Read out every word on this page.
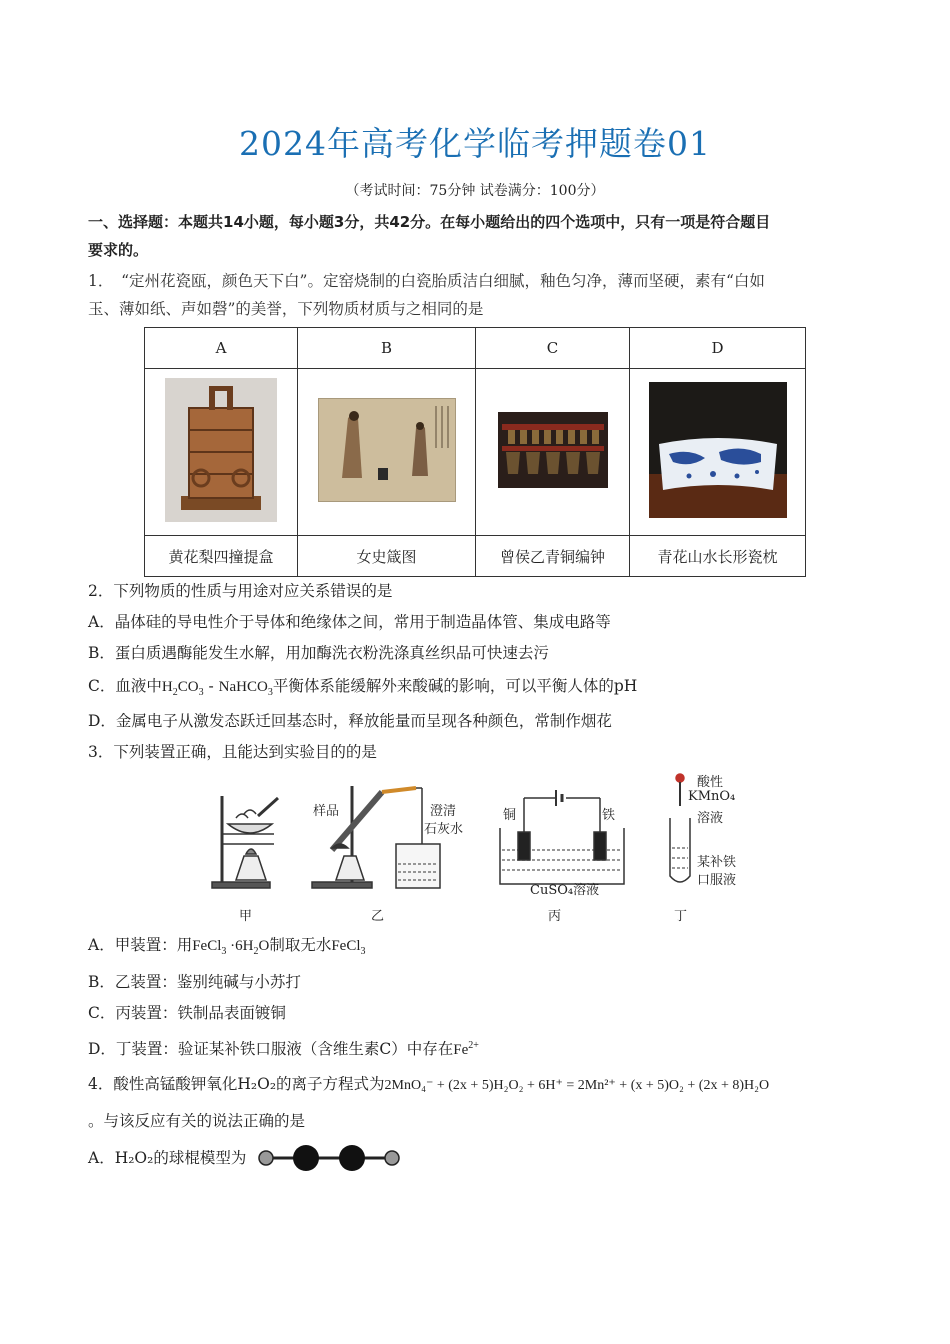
2024年高考化学临考押题卷01
（考试时间：75分钟 试卷满分：100分）
一、选择题：本题共14小题，每小题3分，共42分。在每小题给出的四个选项中，只有一项是符合题目
要求的。
1．　“定州花瓷瓯，颜色天下白”。定窑烧制的白瓷胎质洁白细腻，釉色匀净，薄而坚硬，素有“白如
玉、薄如纸、声如磬”的美誉，下列物质材质与之相同的是
A	B	C	D

黄花梨四撞提盒	女史箴图	曾侯乙青铜编钟	青花山水长形瓷枕
2．下列物质的性质与用途对应关系错误的是
A．晶体硅的导电性介于导体和绝缘体之间，常用于制造晶体管、集成电路等
B．蛋白质遇酶能发生水解，用加酶洗衣粉洗涤真丝织品可快速去污
C．血液中$H_2CO_3$ - NaHCO$_3$平衡体系能缓解外来酸碱的影响，可以平衡人体的pH
D．金属电子从激发态跃迁回基态时，释放能量而呈现各种颜色，常制作烟花
3．下列装置正确，且能达到实验目的的是
样品	澄清
石灰水
铜	铁
CuSO₄溶液
酸性
KMnO₄
溶液
某补铁
口服液
甲	乙	丙	丁
A．甲装置：用FeCl$_3$ $\cdot 6H_2O$制取无水FeCl$_3$
B．乙装置：鉴别纯碱与小苏打
C．丙装置：铁制品表面镀铜
D．丁装置：验证某补铁口服液（含维生素C）中存在$Fe^{2+}$
4．酸性高锰酸钾氧化H₂O₂的离子方程式为2MnO₄⁻ + (2x + 5)H₂O₂ + 6H⁺ = 2Mn²⁺ + (x + 5)O₂ + (2x + 8)H₂O
。与该反应有关的说法正确的是
A．H₂O₂的球棍模型为
